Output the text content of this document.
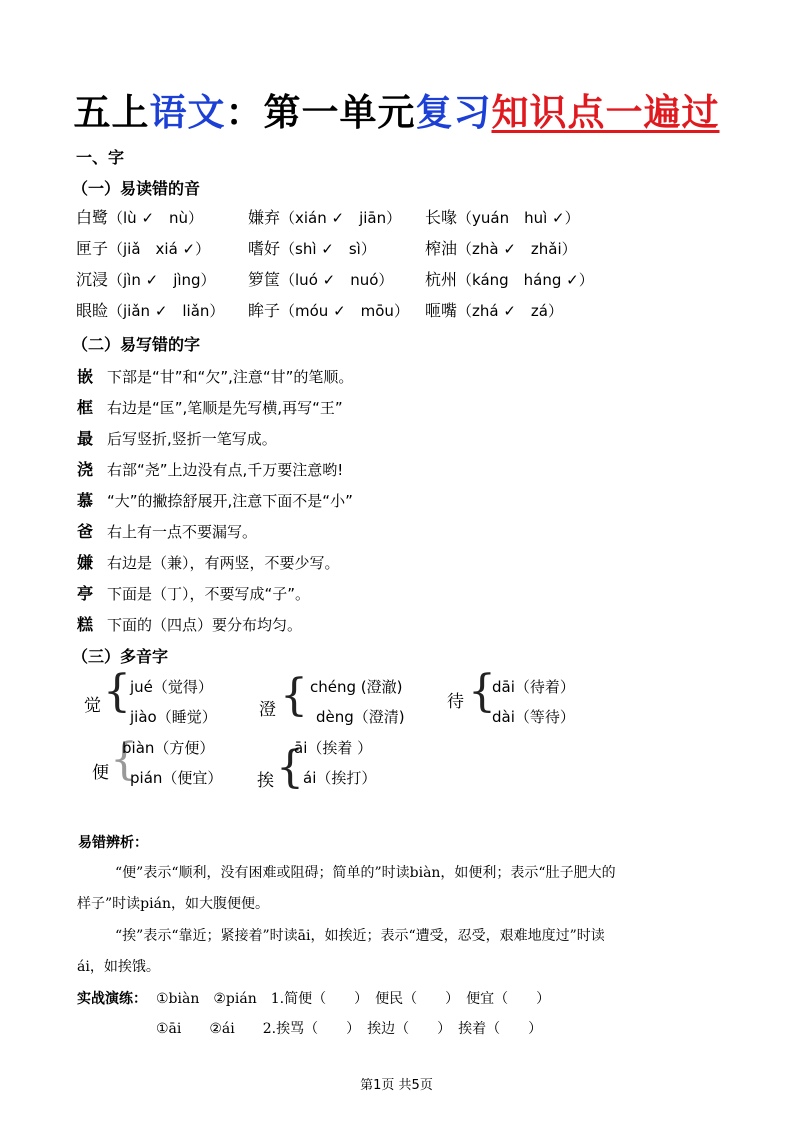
五上语文：第一单元复习知识点一遍过
一、字
（一）易读错的音
白鹭（lù ✓　nù）	嫌弃（xián ✓　jiān） 长喙（yuán　huì ✓）
匣子（jiǎ　xiá ✓） 嗜好（shì ✓　sì）	榨油（zhà ✓　zhǎi）
沉浸（jìn ✓　jìng） 箩筐（luó ✓　nuó） 杭州（káng　háng ✓）
眼睑（jiǎn ✓　liǎn） 眸子（móu ✓　mōu） 咂嘴（zhá ✓　zá）
（二）易写错的字
嵌 下部是“甘”和“欠”,注意“甘”的笔顺。
框 右边是“匡”,笔顺是先写横,再写“王”
最 后写竖折,竖折一笔写成。
浇 右部“尧”上边没有点,千万要注意哟!
慕 “大”的撇捺舒展开,注意下面不是“小”
爸 右上有一点不要漏写。
嫌 右边是（兼），有两竖，不要少写。
亭 下面是（丁），不要写成“子”。
糕 下面的（四点）要分布均匀。
（三）多音字
觉 { jué（觉得）
jiào（睡觉） 澄 { chéng (澄澈)
dèng（澄清)
待 {
dāi（待着）
dài（等待）
便 {
biàn（方便）
pián（便宜） 挨 {
āi（挨着 ）
ái（挨打）
易错辨析：
“便”表示“顺利，没有困难或阻碍；简单的”时读biàn，如便利；表示“肚子肥大的
样子”时读pián，如大腹便便。
“挨”表示“靠近；紧接着”时读āi，如挨近；表示“遭受，忍受，艰难地度过”时读
ái，如挨饿。
实战演练： ①biàn　②pián　1.简便（　　）　便民（　　）　便宜（　　）
①āi　　②ái　　2.挨骂（　　）　挨边（　　）　挨着（　　）
第1页 共5页
